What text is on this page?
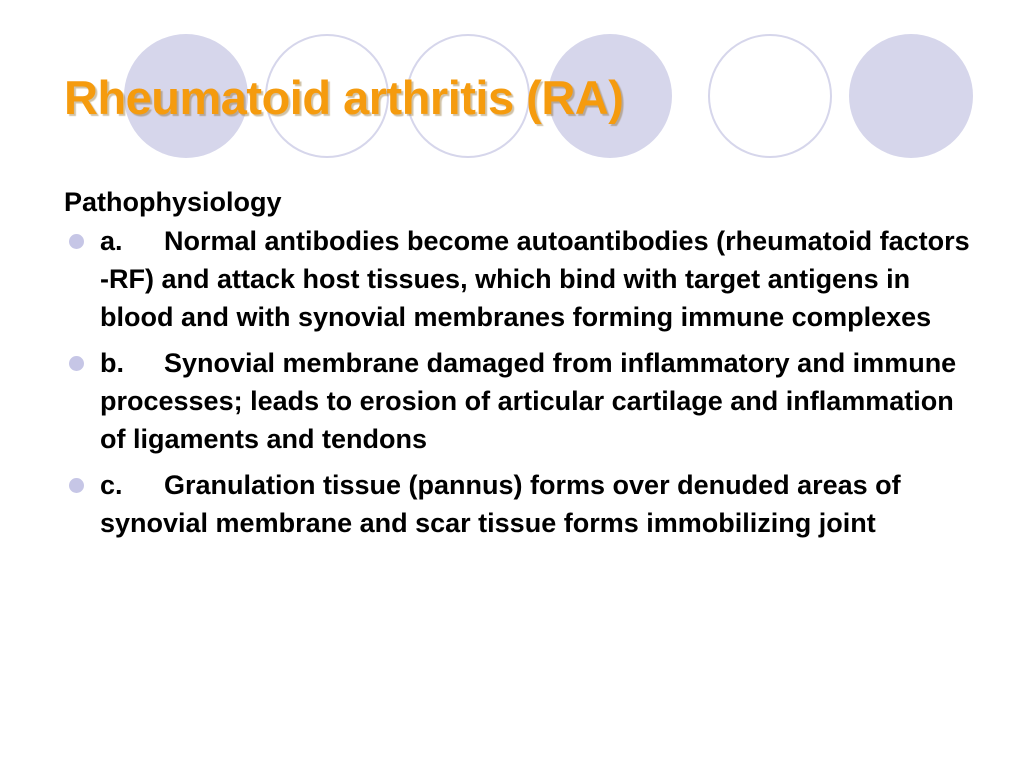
Rheumatoid arthritis (RA)

Pathophysiology

a. Normal antibodies become autoantibodies (rheumatoid factors -RF) and attack host tissues, which bind with target antigens in blood and with synovial membranes forming immune complexes
b. Synovial membrane damaged from inflammatory and immune processes; leads to erosion of articular cartilage and inflammation of ligaments and tendons
c. Granulation tissue (pannus) forms over denuded areas of synovial membrane and scar tissue forms immobilizing joint
